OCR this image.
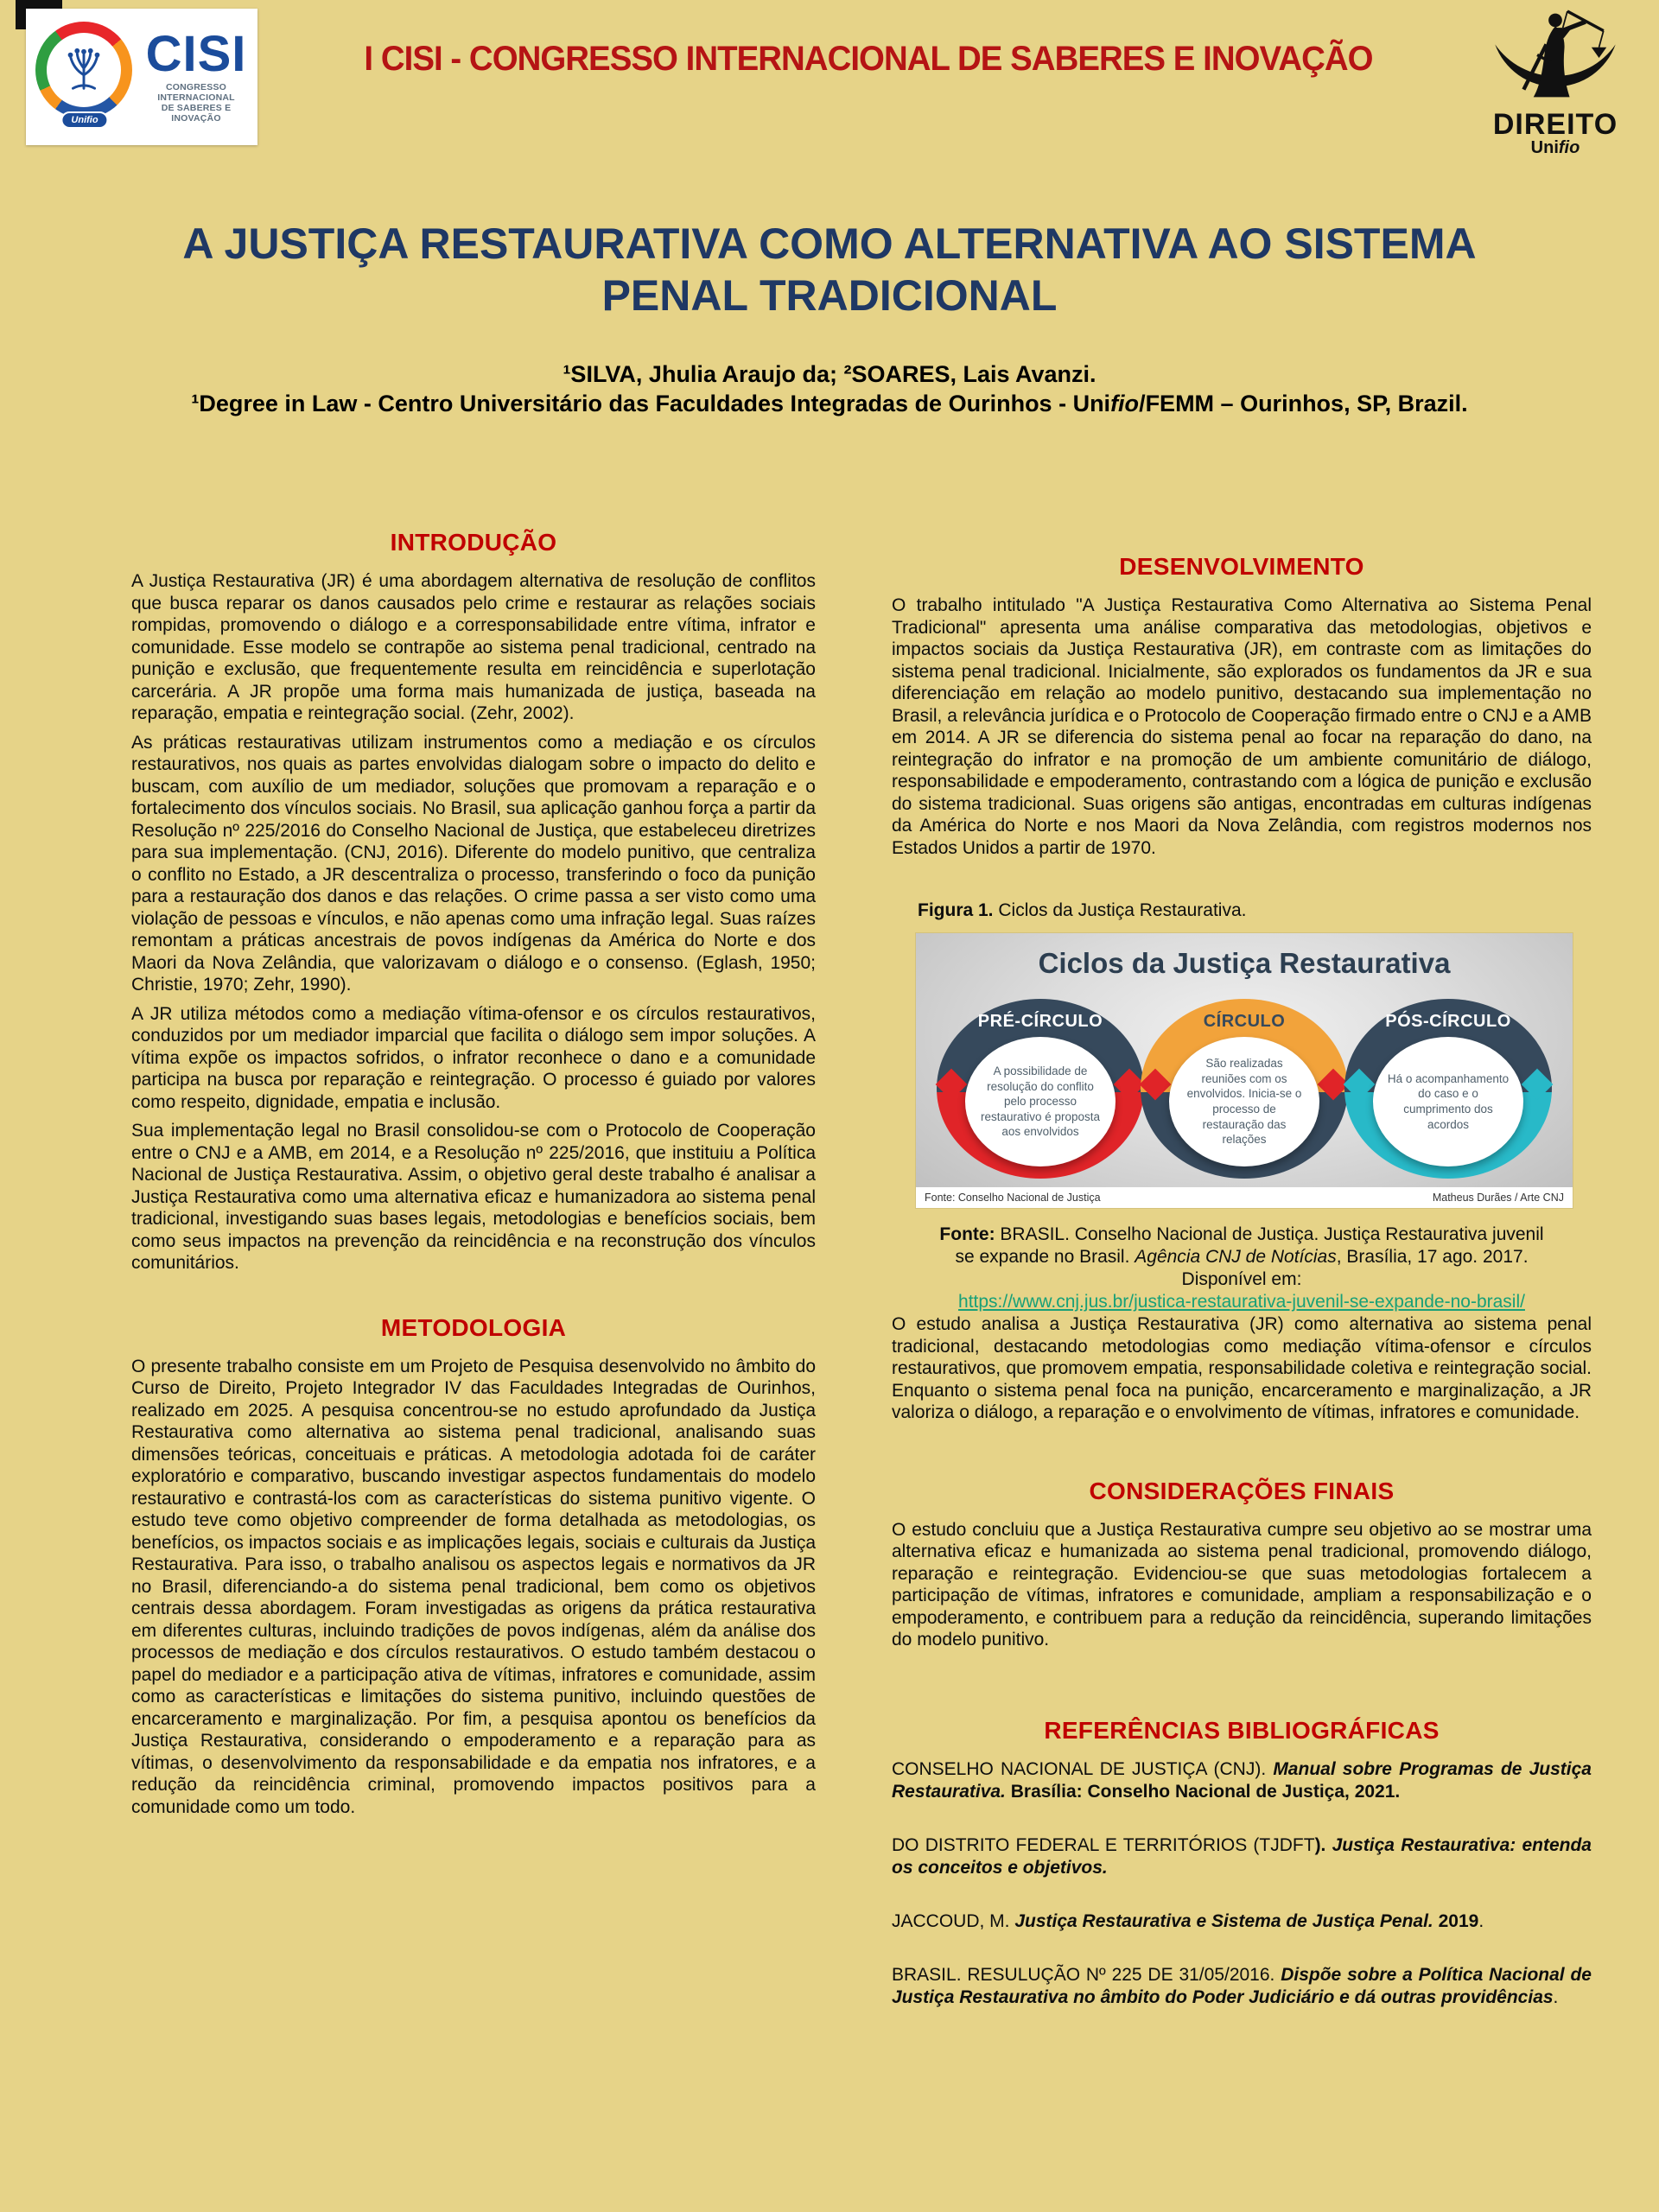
Unifio
CISI
CONGRESSO INTERNACIONAL
DE SABERES E INOVAÇÃO
I CISI - CONGRESSO INTERNACIONAL DE SABERES E INOVAÇÃO
DIREITO
Unifio
A JUSTIÇA RESTAURATIVA COMO ALTERNATIVA AO SISTEMA PENAL TRADICIONAL
¹SILVA, Jhulia Araujo da; ²SOARES, Lais Avanzi.
¹Degree in Law - Centro Universitário das Faculdades Integradas de Ourinhos - Unifio/FEMM – Ourinhos, SP, Brazil.
INTRODUÇÃO

A Justiça Restaurativa (JR) é uma abordagem alternativa de resolução de conflitos que busca reparar os danos causados pelo crime e restaurar as relações sociais rompidas, promovendo o diálogo e a corresponsabilidade entre vítima, infrator e comunidade. Esse modelo se contrapõe ao sistema penal tradicional, centrado na punição e exclusão, que frequentemente resulta em reincidência e superlotação carcerária. A JR propõe uma forma mais humanizada de justiça, baseada na reparação, empatia e reintegração social. (Zehr, 2002).

As práticas restaurativas utilizam instrumentos como a mediação e os círculos restaurativos, nos quais as partes envolvidas dialogam sobre o impacto do delito e buscam, com auxílio de um mediador, soluções que promovam a reparação e o fortalecimento dos vínculos sociais. No Brasil, sua aplicação ganhou força a partir da Resolução nº 225/2016 do Conselho Nacional de Justiça, que estabeleceu diretrizes para sua implementação. (CNJ, 2016). Diferente do modelo punitivo, que centraliza o conflito no Estado, a JR descentraliza o processo, transferindo o foco da punição para a restauração dos danos e das relações. O crime passa a ser visto como uma violação de pessoas e vínculos, e não apenas como uma infração legal. Suas raízes remontam a práticas ancestrais de povos indígenas da América do Norte e dos Maori da Nova Zelândia, que valorizavam o diálogo e o consenso. (Eglash, 1950; Christie, 1970; Zehr, 1990).

A JR utiliza métodos como a mediação vítima-ofensor e os círculos restaurativos, conduzidos por um mediador imparcial que facilita o diálogo sem impor soluções. A vítima expõe os impactos sofridos, o infrator reconhece o dano e a comunidade participa na busca por reparação e reintegração. O processo é guiado por valores como respeito, dignidade, empatia e inclusão.

Sua implementação legal no Brasil consolidou-se com o Protocolo de Cooperação entre o CNJ e a AMB, em 2014, e a Resolução nº 225/2016, que instituiu a Política Nacional de Justiça Restaurativa. Assim, o objetivo geral deste trabalho é analisar a Justiça Restaurativa como uma alternativa eficaz e humanizadora ao sistema penal tradicional, investigando suas bases legais, metodologias e benefícios sociais, bem como seus impactos na prevenção da reincidência e na reconstrução dos vínculos comunitários.

METODOLOGIA

O presente trabalho consiste em um Projeto de Pesquisa desenvolvido no âmbito do Curso de Direito, Projeto Integrador IV das Faculdades Integradas de Ourinhos, realizado em 2025. A pesquisa concentrou-se no estudo aprofundado da Justiça Restaurativa como alternativa ao sistema penal tradicional, analisando suas dimensões teóricas, conceituais e práticas. A metodologia adotada foi de caráter exploratório e comparativo, buscando investigar aspectos fundamentais do modelo restaurativo e contrastá-los com as características do sistema punitivo vigente. O estudo teve como objetivo compreender de forma detalhada as metodologias, os benefícios, os impactos sociais e as implicações legais, sociais e culturais da Justiça Restaurativa. Para isso, o trabalho analisou os aspectos legais e normativos da JR no Brasil, diferenciando-a do sistema penal tradicional, bem como os objetivos centrais dessa abordagem. Foram investigadas as origens da prática restaurativa em diferentes culturas, incluindo tradições de povos indígenas, além da análise dos processos de mediação e dos círculos restaurativos. O estudo também destacou o papel do mediador e a participação ativa de vítimas, infratores e comunidade, assim como as características e limitações do sistema punitivo, incluindo questões de encarceramento e marginalização. Por fim, a pesquisa apontou os benefícios da Justiça Restaurativa, considerando o empoderamento e a reparação para as vítimas, o desenvolvimento da responsabilidade e da empatia nos infratores, e a redução da reincidência criminal, promovendo impactos positivos para a comunidade como um todo.

DESENVOLVIMENTO

O trabalho intitulado "A Justiça Restaurativa Como Alternativa ao Sistema Penal Tradicional" apresenta uma análise comparativa das metodologias, objetivos e impactos sociais da Justiça Restaurativa (JR), em contraste com as limitações do sistema penal tradicional. Inicialmente, são explorados os fundamentos da JR e sua diferenciação em relação ao modelo punitivo, destacando sua implementação no Brasil, a relevância jurídica e o Protocolo de Cooperação firmado entre o CNJ e a AMB em 2014. A JR se diferencia do sistema penal ao focar na reparação do dano, na reintegração do infrator e na promoção de um ambiente comunitário de diálogo, responsabilidade e empoderamento, contrastando com a lógica de punição e exclusão do sistema tradicional. Suas origens são antigas, encontradas em culturas indígenas da América do Norte e nos Maori da Nova Zelândia, com registros modernos nos Estados Unidos a partir de 1970.

Figura 1. Ciclos da Justiça Restaurativa.
Ciclos da Justiça Restaurativa
PRÉ-CÍRCULO
A possibilidade de resolução do conflito pelo processo restaurativo é proposta aos envolvidos
CÍRCULO
São realizadas reuniões com os envolvidos. Inicia-se o processo de restauração das relações
PÓS-CÍRCULO
Há o acompanhamento do caso e o cumprimento dos acordos
Fonte: Conselho Nacional de Justiça	Matheus Durães / Arte CNJ
Fonte: BRASIL. Conselho Nacional de Justiça. Justiça Restaurativa juvenil se expande no Brasil. Agência CNJ de Notícias, Brasília, 17 ago. 2017. Disponível em:
https://www.cnj.jus.br/justica-restaurativa-juvenil-se-expande-no-brasil/

O estudo analisa a Justiça Restaurativa (JR) como alternativa ao sistema penal tradicional, destacando metodologias como mediação vítima-ofensor e círculos restaurativos, que promovem empatia, responsabilidade coletiva e reintegração social. Enquanto o sistema penal foca na punição, encarceramento e marginalização, a JR valoriza o diálogo, a reparação e o envolvimento de vítimas, infratores e comunidade.

CONSIDERAÇÕES FINAIS

O estudo concluiu que a Justiça Restaurativa cumpre seu objetivo ao se mostrar uma alternativa eficaz e humanizada ao sistema penal tradicional, promovendo diálogo, reparação e reintegração. Evidenciou-se que suas metodologias fortalecem a participação de vítimas, infratores e comunidade, ampliam a responsabilização e o empoderamento, e contribuem para a redução da reincidência, superando limitações do modelo punitivo.

REFERÊNCIAS BIBLIOGRÁFICAS

CONSELHO NACIONAL DE JUSTIÇA (CNJ). Manual sobre Programas de Justiça Restaurativa. Brasília: Conselho Nacional de Justiça, 2021.

DO DISTRITO FEDERAL E TERRITÓRIOS (TJDFT). Justiça Restaurativa: entenda os conceitos e objetivos.

JACCOUD, M. Justiça Restaurativa e Sistema de Justiça Penal. 2019.

BRASIL. RESULUÇÃO Nº 225 DE 31/05/2016. Dispõe sobre a Política Nacional de Justiça Restaurativa no âmbito do Poder Judiciário e dá outras providências.
